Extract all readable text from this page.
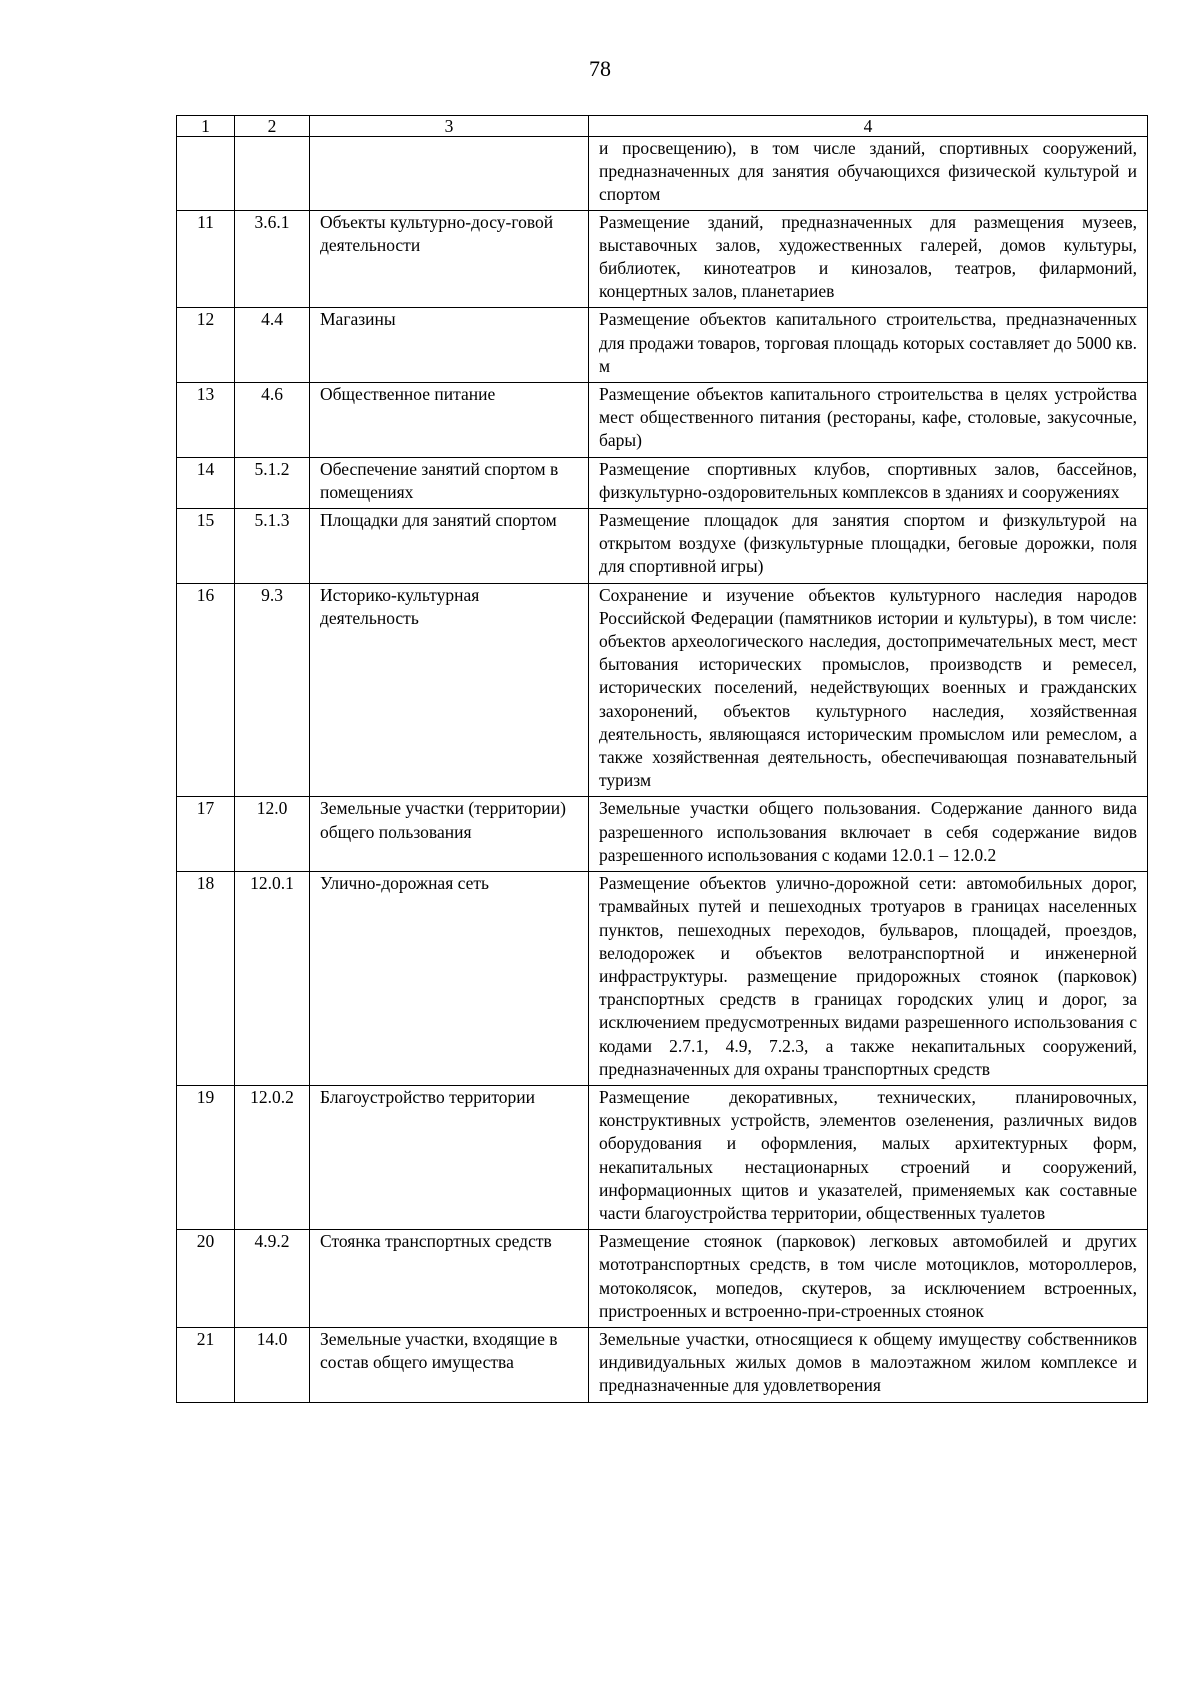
78
1	2	3	4
			и просвещению), в том числе зданий, спортивных сооружений, предназначенных для занятия обучающихся физической культурой и спортом
11	3.6.1	Объекты культурно-досу-говой деятельности	Размещение зданий, предназначенных для размещения музеев, выставочных залов, художественных галерей, домов культуры, библиотек, кинотеатров и кинозалов, театров, филармоний, концертных залов, планетариев
12	4.4	Магазины	Размещение объектов капитального строительства, предназначенных для продажи товаров, торговая площадь которых составляет до 5000 кв. м
13	4.6	Общественное питание	Размещение объектов капитального строительства в целях устройства мест общественного питания (рестораны, кафе, столовые, закусочные, бары)
14	5.1.2	Обеспечение занятий спортом в помещениях	Размещение спортивных клубов, спортивных залов, бассейнов, физкультурно-оздоровительных комплексов в зданиях и сооружениях
15	5.1.3	Площадки для занятий спортом	Размещение площадок для занятия спортом и физкультурой на открытом воздухе (физкультурные площадки, беговые дорожки, поля для спортивной игры)
16	9.3	Историко-культурная деятельность	Сохранение и изучение объектов культурного наследия народов Российской Федерации (памятников истории и культуры), в том числе: объектов археологического наследия, достопримечательных мест, мест бытования исторических промыслов, производств и ремесел, исторических поселений, недействующих военных и гражданских захоронений, объектов культурного наследия, хозяйственная деятельность, являющаяся историческим промыслом или ремеслом, а также хозяйственная деятельность, обеспечивающая познавательный туризм
17	12.0	Земельные участки (территории) общего пользования	Земельные участки общего пользования. Содержание данного вида разрешенного использования включает в себя содержание видов разрешенного использования с кодами 12.0.1 – 12.0.2
18	12.0.1	Улично-дорожная сеть	Размещение объектов улично-дорожной сети: автомобильных дорог, трамвайных путей и пешеходных тротуаров в границах населенных пунктов, пешеходных переходов, бульваров, площадей, проездов, велодорожек и объектов велотранспортной и инженерной инфраструктуры. размещение придорожных стоянок (парковок) транспортных средств в границах городских улиц и дорог, за исключением предусмотренных видами разрешенного использования с кодами 2.7.1, 4.9, 7.2.3, а также некапитальных сооружений, предназначенных для охраны транспортных средств
19	12.0.2	Благоустройство территории	Размещение декоративных, технических, планировочных, конструктивных устройств, элементов озеленения, различных видов оборудования и оформления, малых архитектурных форм, некапитальных нестационарных строений и сооружений, информационных щитов и указателей, применяемых как составные части благоустройства территории, общественных туалетов
20	4.9.2	Стоянка транспортных средств	Размещение стоянок (парковок) легковых автомобилей и других мототранспортных средств, в том числе мотоциклов, мотороллеров, мотоколясок, мопедов, скутеров, за исключением встроенных, пристроенных и встроенно-при-строенных стоянок
21	14.0	Земельные участки, входящие в состав общего имущества	Земельные участки, относящиеся к общему имуществу собственников индивидуальных жилых домов в малоэтажном жилом комплексе и предназначенные для удовлетворения
